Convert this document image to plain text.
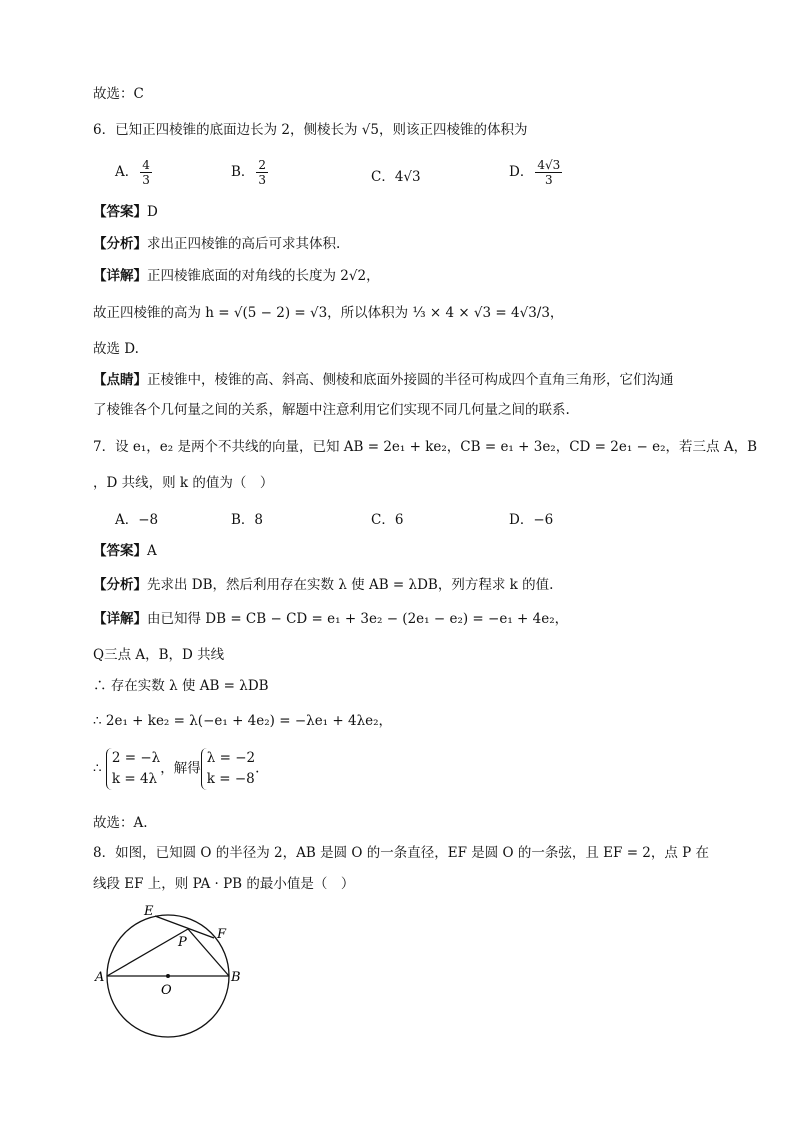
故选：C
6．已知正四棱锥的底面边长为 2，侧棱长为 √5，则该正四棱锥的体积为
A． $\frac{4}{3}$	B． $\frac{2}{3}$	C．4√3	D． $\frac{4√3}{3}$
【答案】D
【分析】求出正四棱锥的高后可求其体积.
【详解】正四棱锥底面的对角线的长度为 2√2，
故正四棱锥的高为 h = √(5 − 2) = √3，所以体积为 ⅓ × 4 × √3 = 4√3/3，
故选 D.
【点睛】正棱锥中，棱锥的高、斜高、侧棱和底面外接圆的半径可构成四个直角三角形，它们沟通
了棱锥各个几何量之间的关系，解题中注意利用它们实现不同几何量之间的联系.
7．设 e₁，e₂ 是两个不共线的向量，已知 AB = 2e₁ + ke₂，CB = e₁ + 3e₂，CD = 2e₁ − e₂，若三点 A，B
，D 共线，则 k 的值为（　）
A．−8	B．8	C．6	D．−6
【答案】A
【分析】先求出 DB，然后利用存在实数 λ 使 AB = λDB，列方程求 k 的值.
【详解】由已知得 DB = CB − CD = e₁ + 3e₂ − (2e₁ − e₂) = −e₁ + 4e₂，
Q三点 A，B，D 共线
∴ 存在实数 λ 使 AB = λDB
∴ 2e₁ + ke₂ = λ(−e₁ + 4e₂) = −λe₁ + 4λe₂，
∴ 2 = −λ
k = 4λ，解得λ = −2
k = −8.
故选：A.
8．如图，已知圆 O 的半径为 2，AB 是圆 O 的一条直径，EF 是圆 O 的一条弦，且 EF = 2，点 P 在
线段 EF 上，则 PA · PB 的最小值是（　）
E
F
P
A	B
O
